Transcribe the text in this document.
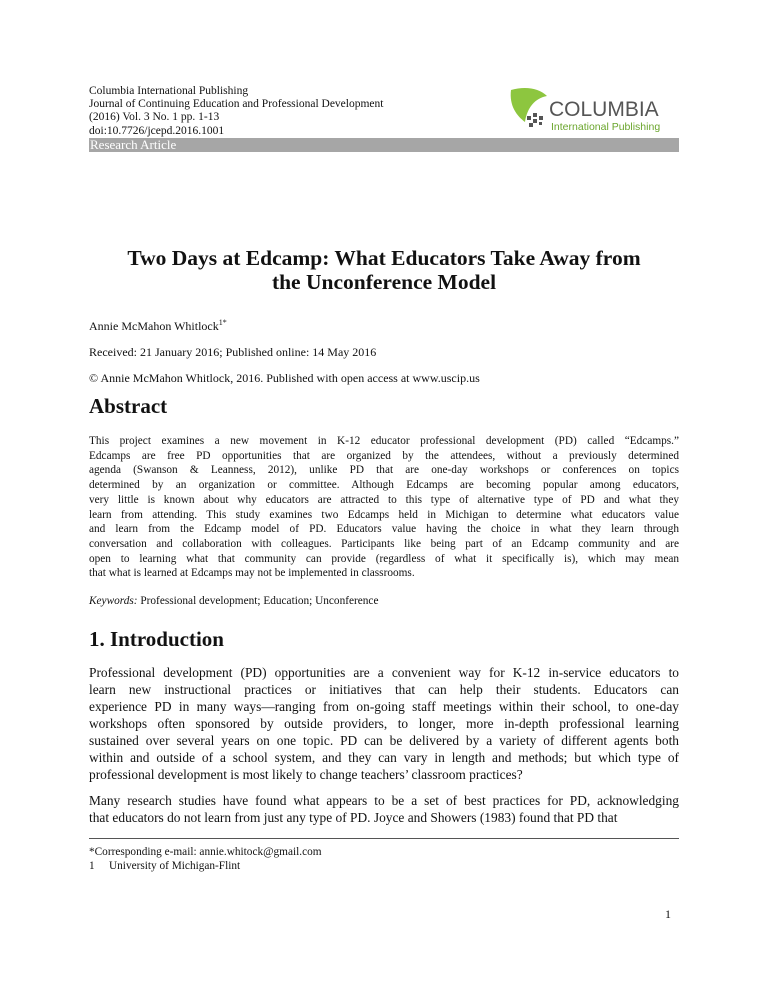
Columbia International Publishing
Journal of Continuing Education and Professional Development
(2016) Vol. 3 No. 1 pp. 1-13
doi:10.7726/jcepd.2016.1001
COLUMBIA
International Publishing
Research Article
Two Days at Edcamp: What Educators Take Away from
the Unconference Model
Annie McMahon Whitlock$^{1*}$
Received: 21 January 2016; Published online: 14 May 2016
© Annie McMahon Whitlock, 2016. Published with open access at www.uscip.us
Abstract
This project examines a new movement in K-12 educator professional development (PD) called “Edcamps.”
Edcamps are free PD opportunities that are organized by the attendees, without a previously determined
agenda (Swanson & Leanness, 2012), unlike PD that are one-day workshops or conferences on topics
determined by an organization or committee. Although Edcamps are becoming popular among educators,
very little is known about why educators are attracted to this type of alternative type of PD and what they
learn from attending. This study examines two Edcamps held in Michigan to determine what educators value
and learn from the Edcamp model of PD. Educators value having the choice in what they learn through
conversation and collaboration with colleagues. Participants like being part of an Edcamp community and are
open to learning what that community can provide (regardless of what it specifically is), which may mean
that what is learned at Edcamps may not be implemented in classrooms.
Keywords: Professional development; Education; Unconference
1. Introduction
Professional development (PD) opportunities are a convenient way for K-12 in-service educators to
learn new instructional practices or initiatives that can help their students. Educators can
experience PD in many ways—ranging from on-going staff meetings within their school, to one-day
workshops often sponsored by outside providers, to longer, more in-depth professional learning
sustained over several years on one topic. PD can be delivered by a variety of different agents both
within and outside of a school system, and they can vary in length and methods; but which type of
professional development is most likely to change teachers’ classroom practices?
Many research studies have found what appears to be a set of best practices for PD, acknowledging
that educators do not learn from just any type of PD. Joyce and Showers (1983) found that PD that
*Corresponding e-mail: annie.whitock@gmail.com
1 University of Michigan-Flint
1
